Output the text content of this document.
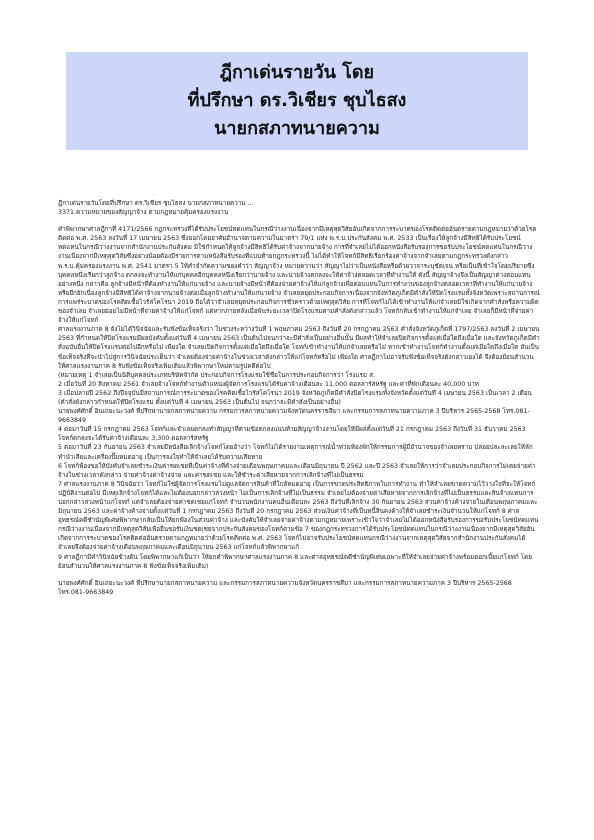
ฎีกาเด่นรายวัน โดย
ที่ปรึกษา ดร.วิเชียร ชุบไธสง
นายกสภาทนายความ

ฎีกาเด่นรายวันโดยที่ปรึกษา ดร.วิเชียร ชุบไธสง นายกสภาทนายความ ...

3371.ความหมายของสัญญาจ้าง ตามกฎหมายคุ้มครองแรงงาน

คำพิพากษาศาลฎีกาที่ 4171/2566 กฎกระทรวงที่ได้รับประโยชน์ทดแทนในกรณีว่างงานเนื่องจากมีเหตุสุดวิสัยอันเกิดจากการระบาดของโรคติดต่ออันตรายตามกฎหมายว่าด้วยโรคติดต่อ พ.ศ. 2563 ลงวันที่ 17 เมษายน 2563 ซึ่งออกโดยอาศัยอำนาจตามความในมาตรา 79/1 แห่ง พ.ร.บ.ประกันสังคม พ.ศ. 2533 เป็นเรื่องให้ลูกจ้างมีสิทธิได้รับประโยชน์ทดแทนในกรณีว่างงานจากสำนักงานประกันสังคม มิใช่กำหนดให้ลูกจ้างมีสิทธิได้รับค่าจ้างจากนายจ้าง การที่จำเลยไม่ได้ออกหนังสือรับรองการขอรับประโยชน์ทดแทนในกรณีว่างงานเนื่องจากมีเหตุสุดวิสัยซึ่งอย่างน้อยต้องมีรายการตามหนังสือรับรองที่แบบท้ายกฎกระทรวงนี้ ไม่ได้ทำให้โจทก์มีสิทธิเรียกร้องค่าจ้างจากจำเลยตามกฎกระทรวงดังกล่าว

พ.ร.บ.คุ้มครองแรงงาน พ.ศ. 2541 มาตรา 5 ให้คำจำกัดความของคำว่า สัญญาจ้าง หมายความว่า สัญญาไม่ว่าเป็นหนังสือหรือด้วยวาจาระบุชัดเจน หรือเป็นที่เข้าใจโดยปริยายซึ่งบุคคลหนึ่งเรียกว่าลูกจ้าง ตกลงจะทำงานให้แก่บุคคลอีกบุคคลหนึ่งเรียกว่านายจ้าง และนายจ้างตกลงจะให้ค่าจ้างตลอดเวลาที่ทำงานให้ ดังนี้ สัญญาจ้างจึงเป็นสัญญาต่างตอบแทนอย่างหนึ่ง กล่าวคือ ลูกจ้างมีหน้าที่ต้องทำงานให้แก่นายจ้าง และนายจ้างมีหน้าที่ต้องจ่ายค่าจ้างให้แก่ลูกจ้างเพื่อตอบแทนในการทำงานของลูกจ้างตลอดเวลาที่ทำงานให้แก่นายจ้าง หรือยึกยักเนื่องลูกจ้างมีสิทธิได้ค่าจ้างจากนายจ้างต่อเมื่อลูกจ้างทำงานให้แก่นายจ้าง จำเลยหยุดประกอบกิจการเนื่องจากจังหวัดภูเก็ตมีคำสั่งให้ปิดโรงแรมทั้งจังหวัดเพราะสถานการณ์การแพร่ระบาดของโรคติดเชื้อไวรัสโคโรนา 2019 ถือได้ว่าจำเลยหยุดประกอบกิจการชั่วคราวด้วยเหตุสุดวิสัย การที่โจทก์ไม่ได้เข้าทำงานให้แก่จำเลยมิใช่เกิดจากคำสั่งหรือความผิดของจำเลย จำเลยย่อมไม่มีหน้าที่จ่ายค่าจ้างให้แก่โจทก์ แต่หากภายหลังเมื่อพ้นระยะเวลาปิดโรงแรมตามคำสั่งดังกล่าวแล้ว โจทก์กลับเข้าทำงานให้แก่จำเลย จำเลยก็มีหน้าที่จ่ายค่าจ้างให้แก่โจทก์

ศาลแรงงานภาค 8 ยังไม่ได้วินิจฉัยและรับฟังข้อเท็จจริงว่า ในช่วงระหว่างวันที่ 1 พฤษภาคม 2563 ถึงวันที่ 20 กรกฎาคม 2563 คำสั่งจังหวัดภูเก็ตที่ 1797/2563 ลงวันที่ 2 เมษายน 2563 ที่กำหนดให้ปิดโรงแรมมีผลบังคับตั้งแต่วันที่ 4 เมษายน 2563 เป็นต้นไปจนกว่าจะมีคำสั่งเป็นอย่างอื่นนั้น มีผลทำให้จำเลยปิดกิจการตั้งแต่เมื่อใดถึงเมื่อใด และจังหวัดภูเก็ตมีคำสั่งฉบับอื่นให้ปิดโรงแรมต่อไปอีกหรือไม่ เพียงใด จำเลยเปิดกิจการตั้งแต่เมื่อใดถึงเมื่อใด โจทก์เข้าทำงานให้แก่จำเลยหรือไม่ หากเข้าทำงานโจทก์ทำงานตั้งแต่เมื่อใดถึงเมื่อใด อันเป็นข้อเท็จจริงที่จะนำไปสู่การวินิจฉัยประเด็นว่า จำเลยต้องจ่ายค่าจ้างในช่วงเวลาดังกล่าวให้แก่โจทก์หรือไม่ เพียงใด ศาลฎีกาไม่อาจรับฟังข้อเท็จจริงดังกล่าวเองได้ จึงต้องย้อนสำนวนให้ศาลแรงงานภาค 8 รับฟังข้อเท็จจริงเพิ่มเติมแล้วพิพากษาใหม่ตามรูปคดีต่อไป

(หมายเหตุ 1 จำเลยเป็นนิติบุคคลประเภทบริษัทจำกัด ประกอบกิจการโรงแรมใช้ชื่อในการประกอบกิจการว่า โรงแรม ส.

2 เมื่อวันที่ 20 สิงหาคม 2561 จำเลยจ้างโจทก์ทำงานตำแหน่งผู้จัดการโรงแรมได้รับค่าจ้างเดือนละ 11,000 ดอลลาร์สหรัฐ และค่าที่พักเดือนละ 40,000 บาท

3 เมื่อปลายปี 2562 ถึงปีจจุบันมีสถานการณ์การระบาดของโรคติดเชื้อไวรัสโคโรนา 2019 จังหวัดภูเก็ตมีคำสั่งปิดโรงแรมทั้งจังหวัดตั้งแต่วันที่ 4 เมษายน 2563 เป็นเวลา 2 เดือน (คำสั่งดังกล่าวกำหนดให้ปิดโรงแรม ตั้งแต่วันที่ 4 เมษายน 2563 เป็นต้นไป จนกว่าจะมีคำสั่งเป็นอย่างอื่น)

นายพงศ์ศักดิ์ อินเถยะนะวงศ์ ที่ปรึกษานายกสภาทนายความ กรรมการสภาทนายความจังหวัดนครราชสีมา และกรรมการสภาทนายความภาค 3 ปีบริหาร 2565-2568 โทร.081-9663849

4 ต่อมาวันที่ 15 กรกฎาคม 2563 โจทก์และจำเลยตกลงทำสัญญาที่ตามข้อตกลงแนบท้ายสัญญาจ้างงานโดยให้มีผลตั้งแต่วันที่ 21 กรกฎาคม 2563 ถึงวันที่ 31 ธันวาคม 2563 โจทก์ตกลงจะได้รับค่าจ้างเดือนละ 3,300 ดอลลาร์สหรัฐ

5 ต่อมาวันที่ 23 กันยายน 2563 จำเลยมีหนังสือเลิกจ้างโจทก์โดยอ้างว่า โจทก์ไม่ได้รายงานเหตุการณ์น้ำท่วมห้องพักให้กรรมการผู้มีอำนาจของจำเลยทราบ ปล่อยปละละเลยให้ลักทำนำเสียและเครื่องปั๊มหมดอายุ เป็นการจงใจทำให้จำเลยได้รับความเสียหาย

6 โจทก์ฟ้องขอให้บังคับจำเลยชำระเงินค่าชดเชยที่เป็นค่าจ้างที่ค้างจ่ายเดือนพฤษภาคมและเดือนมิถุนายน ปี 2562 และปี 2563 จำเลยให้การว่าจำเลยประกอบกิจการไม่เคยจ่ายค่าจ้างในช่วงเวลาดังกล่าว จ่ายค่าจ้างค่าจ้างจ่าย และค่าชดเชย และให้ชำระค่าเสียหายจากการเลิกจ้างที่ไม่เป็นธรรม

7 ศาลแรงงานภาค 8 วินิจฉัยว่า โจทก์ไม่ใช่ผู้จัดการโรงแรมไม่ดูแลจัดการสินค้าที่ใกล้หมดอายุ เป็นการขาดประสิทธิภาพในการทำงาน ทำให้จำเลยขาดความไว้วางใจที่จะให้โจทก์ปฏิบัติงานต่อไป มีเหตุเลิกจ้างโจทก์ได้และไม่ต้องบอกกล่าวล่วงหน้า ไม่เป็นการเลิกจ้างที่ไม่เป็นธรรม จำเลยไม่ต้องจ่ายค่าเสียหายจากการเลิกจ้างที่ไม่เป็นธรรมและสินจ้างแทนการบอกกล่าวล่วงหน้าแก่โจทก์ แต่จำเลยต้องจ่ายค่าชดเชยแก่โจทก์ จำนวนพนักงานคนอื่นเดือนละ 2563 ถึงวันที่เลิกจ้าง 30 กันยายน 2563 ส่วนค่าจ้างค้างจ่ายในเดือนพฤษภาคมและมิถุนายน 2563 และค่าจ้างค้างจ่ายตั้งแต่วันที่ 1 กรกฎาคม 2563 ถึงวันที่ 20 กรกฎาคม 2563 ส่วนเงินค่าจ้างที่เป็นหนี้สินคงค้างให้จำเลยชำระเงินจำนวนให้แก่โจทก์ 8 ศาลอุทธรณ์คดีชำนัญพิเศษพิพากษากลับเป็นให้ยกฟ้องในส่วนค่าจ้าง และบังคับให้จำเลยจ่ายค่าจ้างตามกฎหมายเพราะเข้าใจว่าจำเลยไม่ได้ออกหนังสือรับรองการขอรับประโยชน์ทดแทนกรณีว่างงานเนื่องจากมีเหตุสุดวิสัยเพื่อยื่นขอรับเงินชดเชยจากประกันสังคมของโจทก์ตามข้อ 7 ของกฎกระทรวงการได้รับประโยชน์ทดแทนในกรณีว่างงานเนื่องจากมีเหตุสุดวิสัยอันเกิดจากการระบาดของโรคติดต่ออันตรายตามกฎหมายว่าด้วยโรคติดต่อ พ.ศ. 2563 โจทก์ไม่อาจรับประโยชน์ทดแทนกรณีว่างงานจากเหตุสุดวิสัยจากสำนักงานประกันสังคมได้ จำเลยจึงต้องจ่ายค่าจ้างเดือนพฤษภาคมและเดือนมิถุนายน 2563 แก่โจทก์แล้วพิพากษาแก้

9 ศาลฎีกามีคำวินิจฉัยข้างต้น โดยพิพากษาแก้เป็นว่า ให้ยกคำพิพากษาศาลแรงงานภาค 8 และศาลอุทธรณ์คดีชำนัญพิเศษเฉพาะที่ให้จำเลยจ่ายค่าจ้างพร้อมดอกเบี้ยแก่โจทก์ โดยย้อนสำนวนให้ศาลแรงงานภาค 8 ฟังข้อเท็จจริงเพิ่มเติม)

นายพงศ์ศักดิ์ อินเถยะนะวงศ์ ที่ปรึกษานายกสภาทนายความ และกรรมการสภาทนายความจังหวัดนครราชสีมา และกรรมการสภาทนายความภาค 3 ปีบริหาร 2565-2568 โทร.081-9663849
